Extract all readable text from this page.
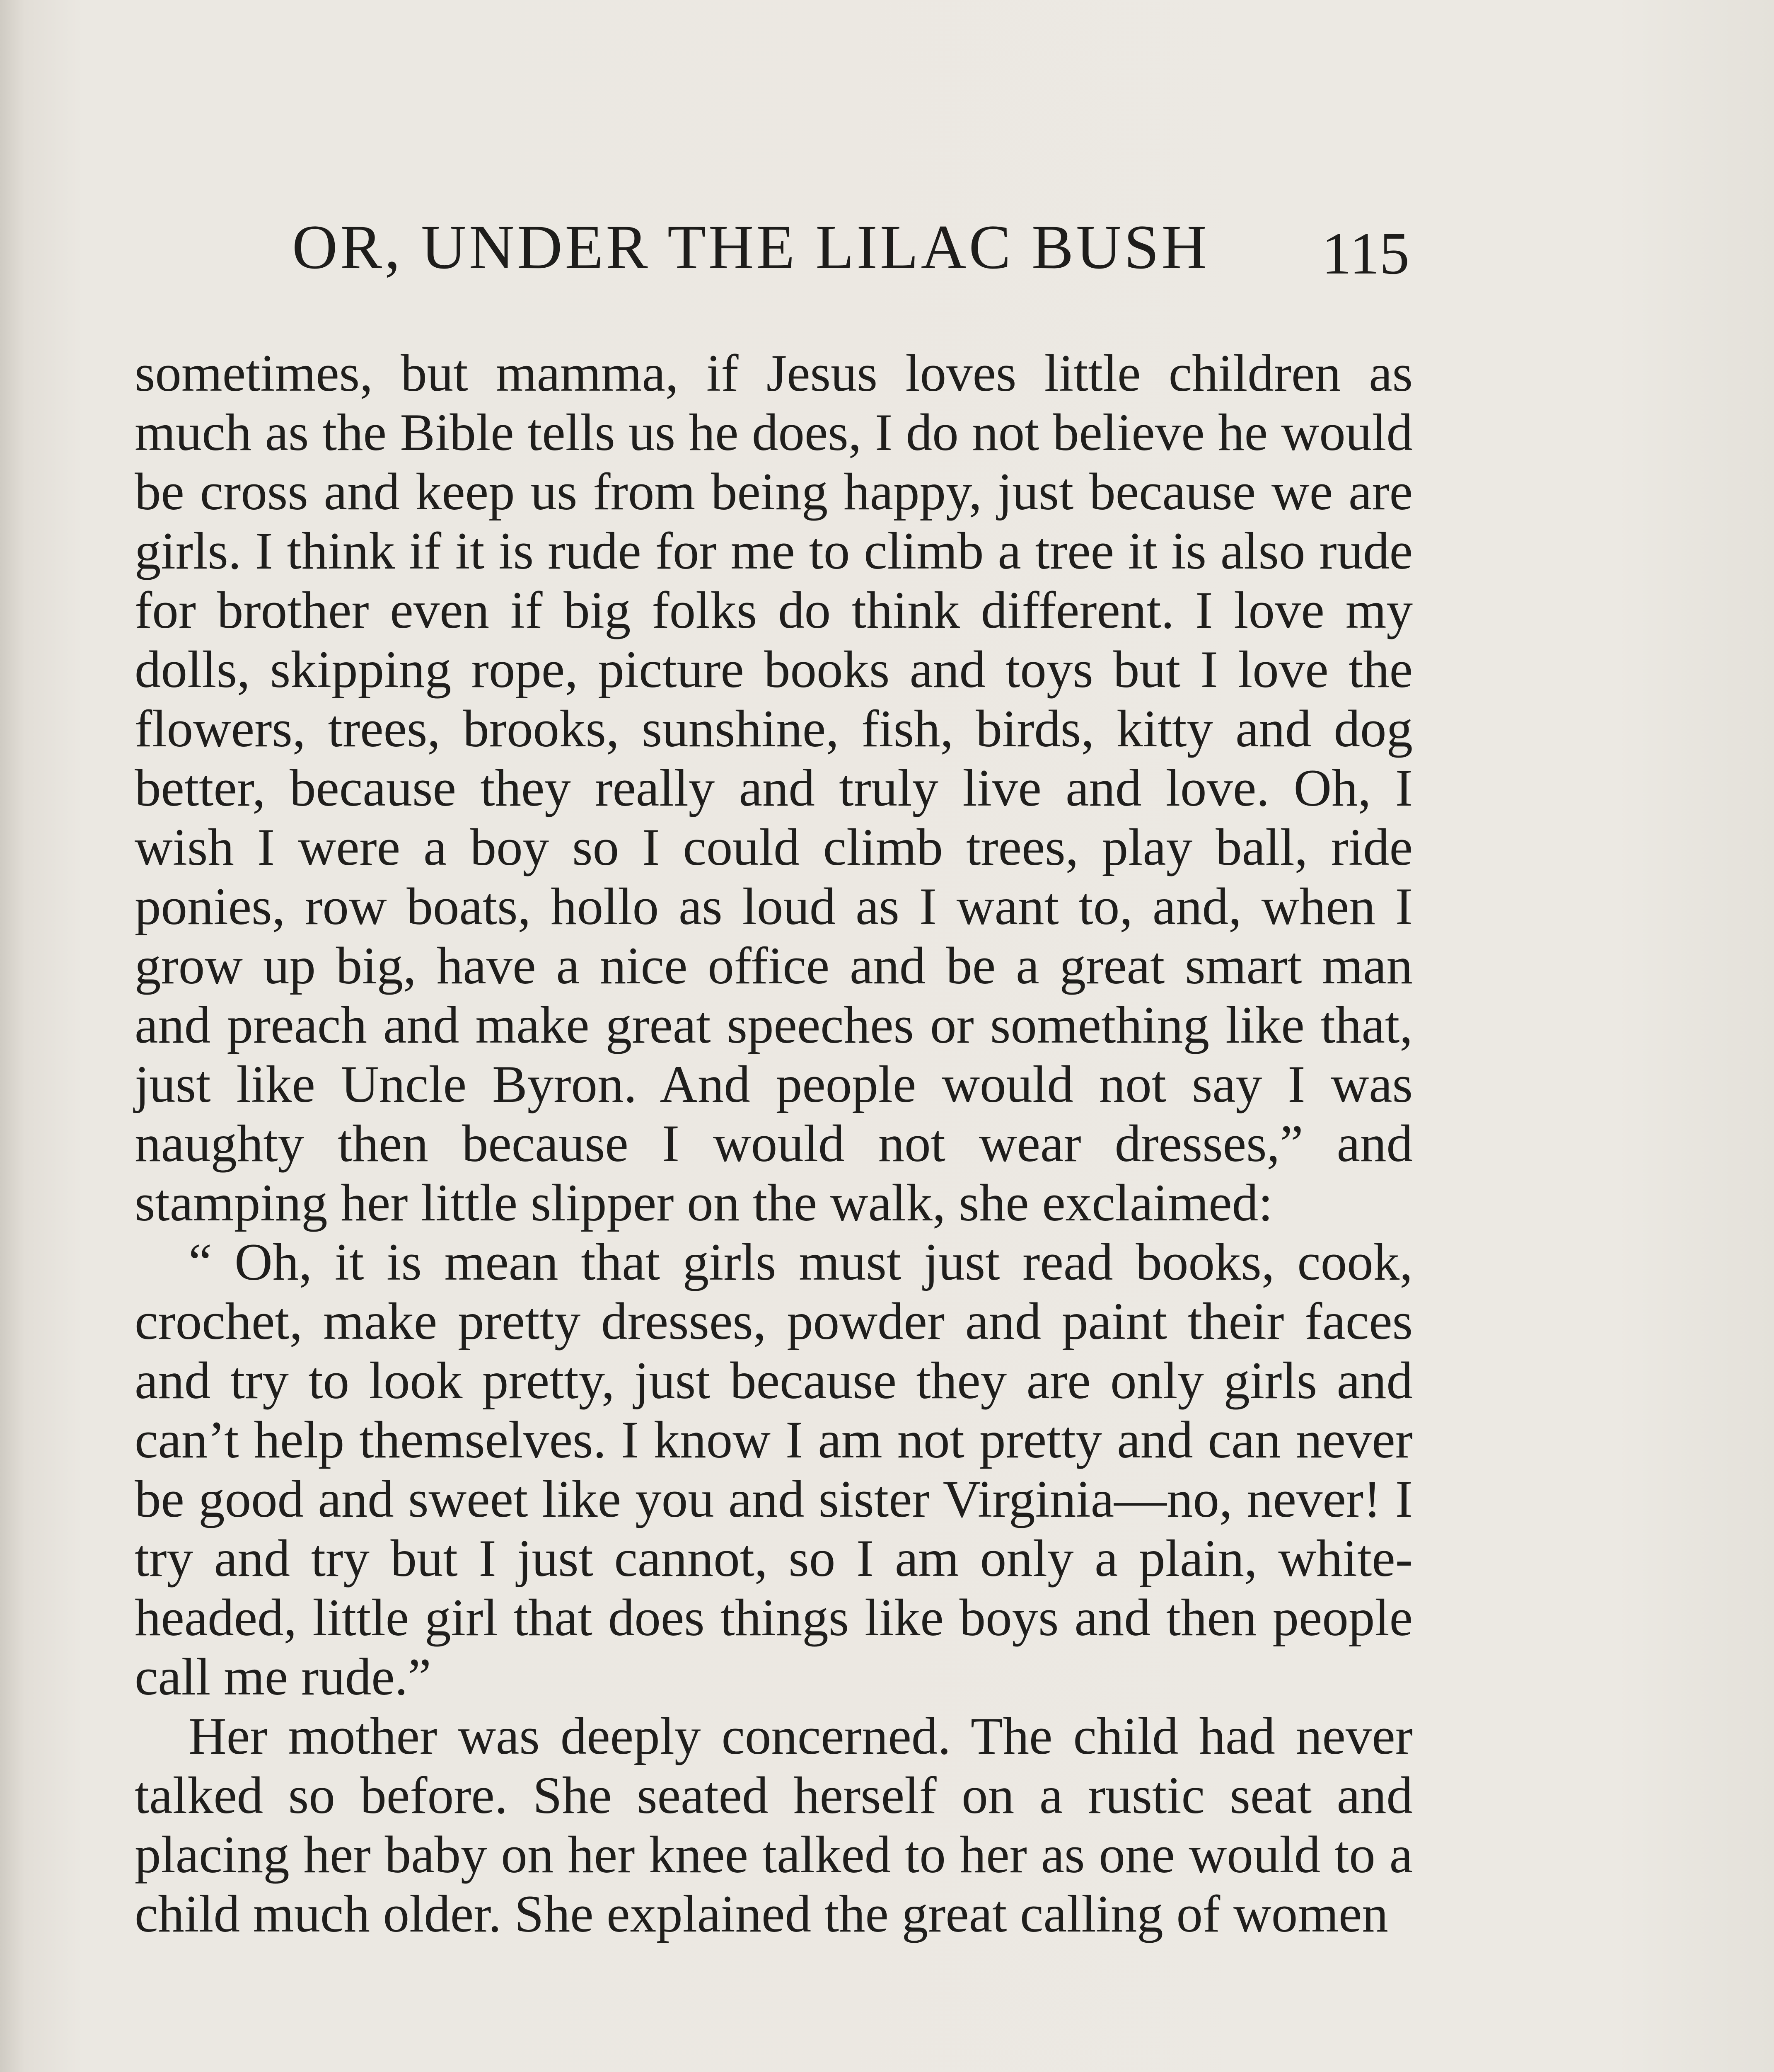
OR, UNDER THE LILAC BUSH 115

sometimes, but mamma, if Jesus loves little children as much as the Bible tells us he does, I do not believe he would be cross and keep us from being happy, just because we are girls. I think if it is rude for me to climb a tree it is also rude for brother even if big folks do think different. I love my dolls, skipping rope, picture books and toys but I love the flowers, trees, brooks, sunshine, fish, birds, kitty and dog better, because they really and truly live and love. Oh, I wish I were a boy so I could climb trees, play ball, ride ponies, row boats, hollo as loud as I want to, and, when I grow up big, have a nice office and be a great smart man and preach and make great speeches or something like that, just like Uncle Byron. And people would not say I was naughty then because I would not wear dresses,” and stamping her little slipper on the walk, she exclaimed:

“ Oh, it is mean that girls must just read books, cook, crochet, make pretty dresses, powder and paint their faces and try to look pretty, just because they are only girls and can’t help themselves. I know I am not pretty and can never be good and sweet like you and sister Virginia—no, never! I try and try but I just cannot, so I am only a plain, white-headed, little girl that does things like boys and then people call me rude.”

Her mother was deeply concerned. The child had never talked so before. She seated herself on a rustic seat and placing her baby on her knee talked to her as one would to a child much older. She explained the great calling of women
